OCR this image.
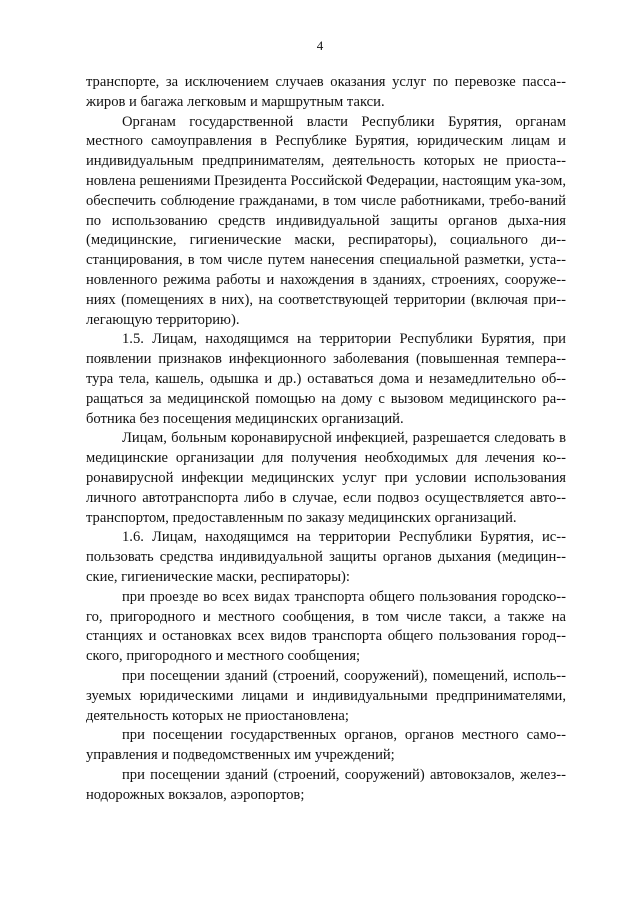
4

транспорте, за исключением случаев оказания услуг по перевозке пасса-жиров и багажа легковым и маршрутным такси.

Органам государственной власти Республики Бурятия, органам местного самоуправления в Республике Бурятия, юридическим лицам и индивидуальным предпринимателям, деятельность которых не приоста-новлена решениями Президента Российской Федерации, настоящим ука-зом, обеспечить соблюдение гражданами, в том числе работниками, требо-ваний по использованию средств индивидуальной защиты органов дыха-ния (медицинские, гигиенические маски, респираторы), социального ди-станцирования, в том числе путем нанесения специальной разметки, уста-новленного режима работы и нахождения в зданиях, строениях, сооруже-ниях (помещениях в них), на соответствующей территории (включая при-легающую территорию).

1.5. Лицам, находящимся на территории Республики Бурятия, при появлении признаков инфекционного заболевания (повышенная темпера-тура тела, кашель, одышка и др.) оставаться дома и незамедлительно об-ращаться за медицинской помощью на дому с вызовом медицинского ра-ботника без посещения медицинских организаций.

Лицам, больным коронавирусной инфекцией, разрешается следовать в медицинские организации для получения необходимых для лечения ко-ронавирусной инфекции медицинских услуг при условии использования личного автотранспорта либо в случае, если подвоз осуществляется авто-транспортом, предоставленным по заказу медицинских организаций.

1.6. Лицам, находящимся на территории Республики Бурятия, ис-пользовать средства индивидуальной защиты органов дыхания (медицин-ские, гигиенические маски, респираторы):

при проезде во всех видах транспорта общего пользования городско-го, пригородного и местного сообщения, в том числе такси, а также на станциях и остановках всех видов транспорта общего пользования город-ского, пригородного и местного сообщения;

при посещении зданий (строений, сооружений), помещений, исполь-зуемых юридическими лицами и индивидуальными предпринимателями, деятельность которых не приостановлена;

при посещении государственных органов, органов местного само-управления и подведомственных им учреждений;

при посещении зданий (строений, сооружений) автовокзалов, желез-нодорожных вокзалов, аэропортов;
